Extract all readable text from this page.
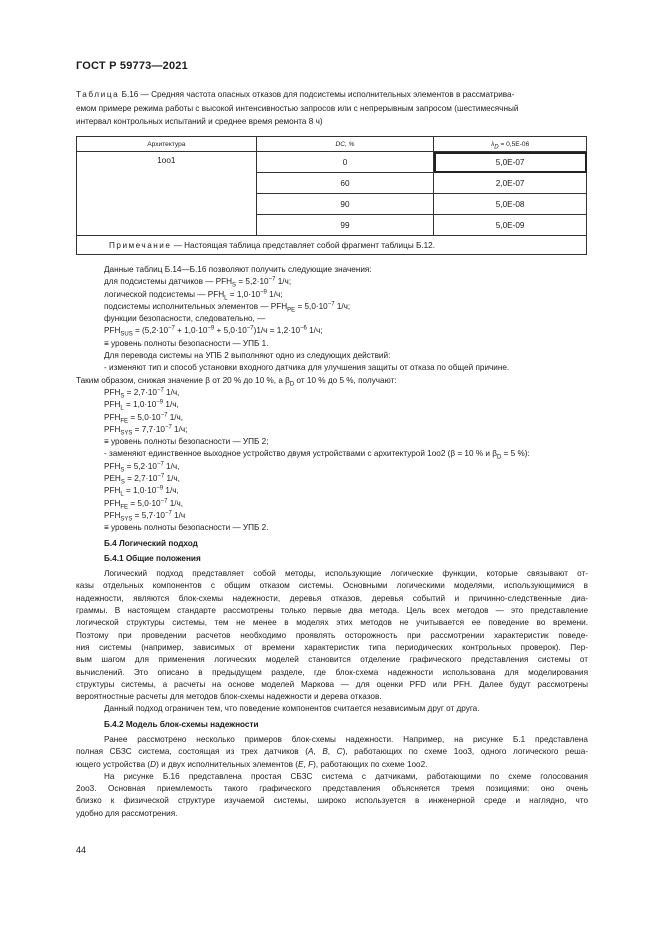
ГОСТ Р 59773—2021
Таблица Б.16 — Средняя частота опасных отказов для подсистемы исполнительных элементов в рассматрива-
емом примере режима работы с высокой интенсивностью запросов или с непрерывным запросом (шестимесячный
интервал контрольных испытаний и среднее время ремонта 8 ч)
Архитектура	DC, %	$\lambda_D = 0,5E-06$
1oo1	0	5,0E-07
	60	2,0E-07
	90	5,0E-08
	99	5,0E-09
Примечание — Настоящая таблица представляет собой фрагмент таблицы Б.12.		

Данные таблиц Б.14—Б.16 позволяют получить следующие значения:

для подсистемы датчиков — $PFH_S = 5,2\cdot 10^{-7}$ 1/ч;

логической подсистемы — $PFH_L = 1,0\cdot 10^{-9}$ 1/ч;

подсистемы исполнительных элементов — $PFH_{PE} = 5,0\cdot 10^{-7}$ 1/ч;

функции безопасности, следовательно, —

$PFH_{SUS} = (5,2\cdot 10^{-7} + 1,0\cdot 10^{-9} + 5,0\cdot 10^{-7})1/ч = 1,2\cdot 10^{-6}$ 1/ч;

≡ уровень полноты безопасности — УПБ 1.

Для перевода системы на УПБ 2 выполняют одно из следующих действий:

- изменяют тип и способ установки входного датчика для улучшения защиты от отказа по общей причине.

Таким образом, снижая значение β от 20 % до 10 %, а $\beta_D$ от 10 % до 5 %, получают:

$PFH_S = 2,7\cdot 10^{-7}$ 1/ч,

$PFH_L = 1,0\cdot 10^{-9}$ 1/ч,

$PFH_{FE} = 5,0\cdot 10^{-7}$ 1/ч,

$PFH_{SYS} = 7,7\cdot 10^{-7}$ 1/ч;

≡ уровень полноты безопасности — УПБ 2;

- заменяют единственное выходное устройство двумя устройствами с архитектурой 1oo2 (β = 10 % и $\beta_D = 5$ %):

$PFH_S = 5,2\cdot 10^{-7}$ 1/ч,

$PEH_S = 2,7\cdot 10^{-7}$ 1/ч,

$PFH_L = 1,0\cdot 10^{-9}$ 1/ч,

$PFH_{FE} = 5,0\cdot 10^{-7}$ 1/ч,

$PFH_{SYS} = 5,7\cdot 10^{-7}$ 1/ч

≡ уровень полноты безопасности — УПБ 2.

Б.4 Логический подход

Б.4.1 Общие положения

Логический подход представляет собой методы, использующие логические функции, которые связывают от-

казы отдельных компонентов с общим отказом системы. Основными логическими моделями, использующимися в

надежности, являются блок-схемы надежности, деревья отказов, деревья событий и причинно-следственные диа-

граммы. В настоящем стандарте рассмотрены только первые два метода. Цель всех методов — это представление

логической структуры системы, тем не менее в моделях этих методов не учитывается ее поведение во времени.

Поэтому при проведении расчетов необходимо проявлять осторожность при рассмотрении характеристик поведе-

ния системы (например, зависимых от времени характеристик типа периодических контрольных проверок). Пер-

вым шагом для применения логических моделей становится отделение графического представления системы от

вычислений. Это описано в предыдущем разделе, где блок-схема надежности использована для моделирования

структуры системы, а расчеты на основе моделей Маркова — для оценки PFD или PFH. Далее будут рассмотрены

вероятностные расчеты для методов блок-схемы надежности и дерева отказов.

Данный подход ограничен тем, что поведение компонентов считается независимым друг от друга.

Б.4.2 Модель блок-схемы надежности

Ранее рассмотрено несколько примеров блок-схемы надежности. Например, на рисунке Б.1 представлена

полная СБЗС система, состоящая из трех датчиков (A, B, C), работающих по схеме 1oo3, одного логического реша-

ющего устройства (D) и двух исполнительных элементов (E, F), работающих по схеме 1oo2.

На рисунке Б.16 представлена простая СБЗС система с датчиками, работающими по схеме голосования

2oo3. Основная приемлемость такого графического представления объясняется тремя позициями: оно очень

близко к физической структуре изучаемой системы, широко используется в инженерной среде и наглядно, что

удобно для рассмотрения.

44
